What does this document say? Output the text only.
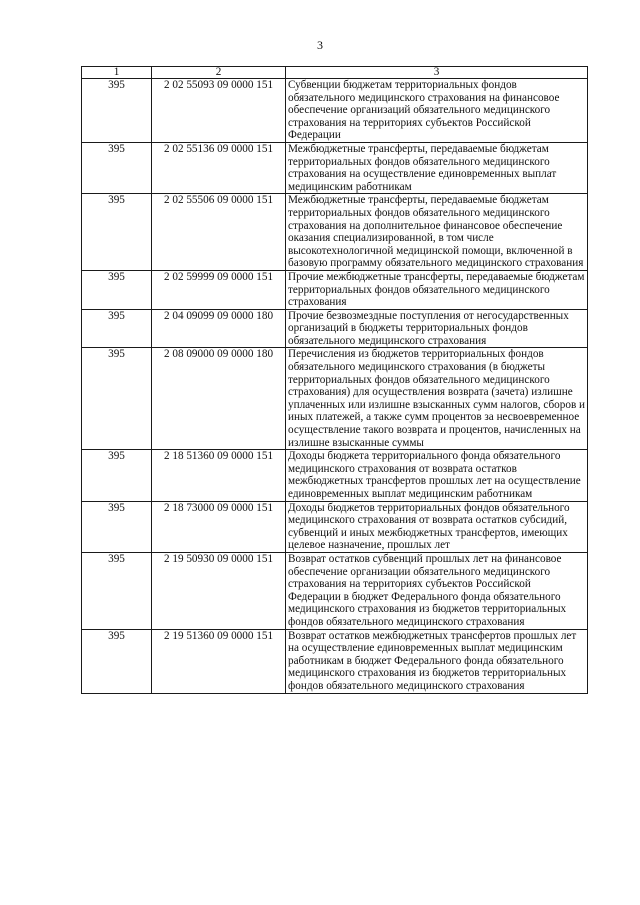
3
1	2	3
395	2 02 55093 09 0000 151	Субвенции бюджетам территориальных фондов обязательного медицинского страхования на финансовое обеспечение организаций обязательного медицинского страхования на территориях субъектов Российской Федерации
395	2 02 55136 09 0000 151	Межбюджетные трансферты, передаваемые бюджетам территориальных фондов обязательного медицинского страхования на осуществление единовременных выплат медицинским работникам
395	2 02 55506 09 0000 151	Межбюджетные трансферты, передаваемые бюджетам территориальных фондов обязательного медицинского страхования на дополнительное финансовое обеспечение оказания специализированной, в том числе высокотехнологичной медицинской помощи, включенной в базовую программу обязательного медицинского страхования
395	2 02 59999 09 0000 151	Прочие межбюджетные трансферты, передаваемые бюджетам территориальных фондов обязательного медицинского страхования
395	2 04 09099 09 0000 180	Прочие безвозмездные поступления от негосударственных организаций в бюджеты территориальных фондов обязательного медицинского страхования
395	2 08 09000 09 0000 180	Перечисления из бюджетов территориальных фондов обязательного медицинского страхования (в бюджеты территориальных фондов обязательного медицинского страхования) для осуществления возврата (зачета) излишне уплаченных или излишне взысканных сумм налогов, сборов и иных платежей, а также сумм процентов за несвоевременное осуществление такого возврата и процентов, начисленных на излишне взысканные суммы
395	2 18 51360 09 0000 151	Доходы бюджета территориального фонда обязательного медицинского страхования от возврата остатков межбюджетных трансфертов прошлых лет на осуществление единовременных выплат медицинским работникам
395	2 18 73000 09 0000 151	Доходы бюджетов территориальных фондов обязательного медицинского страхования от возврата остатков субсидий, субвенций и иных межбюджетных трансфертов, имеющих целевое назначение, прошлых лет
395	2 19 50930 09 0000 151	Возврат остатков субвенций прошлых лет на финансовое обеспечение организации обязательного медицинского страхования на территориях субъектов Российской Федерации в бюджет Федерального фонда обязательного медицинского страхования из бюджетов территориальных фондов обязательного медицинского страхования
395	2 19 51360 09 0000 151	Возврат остатков межбюджетных трансфертов прошлых лет на осуществление единовременных выплат медицинским работникам в бюджет Федерального фонда обязательного медицинского страхования из бюджетов территориальных фондов обязательного медицинского страхования
